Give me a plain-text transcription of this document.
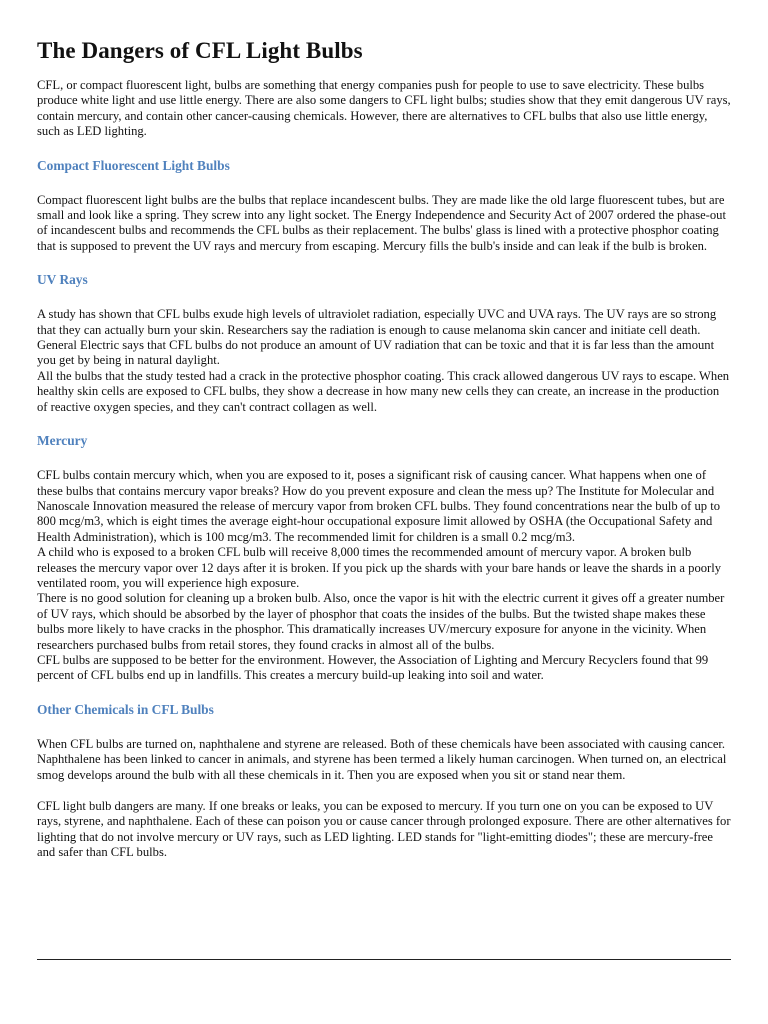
The Dangers of CFL Light Bulbs

CFL, or compact fluorescent light, bulbs are something that energy companies push for people to use to save electricity. These bulbs produce white light and use little energy. There are also some dangers to CFL light bulbs; studies show that they emit dangerous UV rays, contain mercury, and contain other cancer-causing chemicals. However, there are alternatives to CFL bulbs that also use little energy, such as LED lighting.

Compact Fluorescent Light Bulbs

Compact fluorescent light bulbs are the bulbs that replace incandescent bulbs. They are made like the old large fluorescent tubes, but are small and look like a spring. They screw into any light socket. The Energy Independence and Security Act of 2007 ordered the phase-out of incandescent bulbs and recommends the CFL bulbs as their replacement. The bulbs' glass is lined with a protective phosphor coating that is supposed to prevent the UV rays and mercury from escaping. Mercury fills the bulb's inside and can leak if the bulb is broken.

UV Rays

A study has shown that CFL bulbs exude high levels of ultraviolet radiation, especially UVC and UVA rays. The UV rays are so strong that they can actually burn your skin. Researchers say the radiation is enough to cause melanoma skin cancer and initiate cell death. General Electric says that CFL bulbs do not produce an amount of UV radiation that can be toxic and that it is far less than the amount you get by being in natural daylight.

All the bulbs that the study tested had a crack in the protective phosphor coating. This crack allowed dangerous UV rays to escape. When healthy skin cells are exposed to CFL bulbs, they show a decrease in how many new cells they can create, an increase in the production of reactive oxygen species, and they can't contract collagen as well.

Mercury

CFL bulbs contain mercury which, when you are exposed to it, poses a significant risk of causing cancer. What happens when one of these bulbs that contains mercury vapor breaks? How do you prevent exposure and clean the mess up? The Institute for Molecular and Nanoscale Innovation measured the release of mercury vapor from broken CFL bulbs. They found concentrations near the bulb of up to 800 mcg/m3, which is eight times the average eight-hour occupational exposure limit allowed by OSHA (the Occupational Safety and Health Administration), which is 100 mcg/m3. The recommended limit for children is a small 0.2 mcg/m3.

A child who is exposed to a broken CFL bulb will receive 8,000 times the recommended amount of mercury vapor. A broken bulb releases the mercury vapor over 12 days after it is broken. If you pick up the shards with your bare hands or leave the shards in a poorly ventilated room, you will experience high exposure.

There is no good solution for cleaning up a broken bulb. Also, once the vapor is hit with the electric current it gives off a greater number of UV rays, which should be absorbed by the layer of phosphor that coats the insides of the bulbs. But the twisted shape makes these bulbs more likely to have cracks in the phosphor. This dramatically increases UV/mercury exposure for anyone in the vicinity. When researchers purchased bulbs from retail stores, they found cracks in almost all of the bulbs.

CFL bulbs are supposed to be better for the environment. However, the Association of Lighting and Mercury Recyclers found that 99 percent of CFL bulbs end up in landfills. This creates a mercury build-up leaking into soil and water.

Other Chemicals in CFL Bulbs

When CFL bulbs are turned on, naphthalene and styrene are released. Both of these chemicals have been associated with causing cancer. Naphthalene has been linked to cancer in animals, and styrene has been termed a likely human carcinogen. When turned on, an electrical smog develops around the bulb with all these chemicals in it. Then you are exposed when you sit or stand near them.

CFL light bulb dangers are many. If one breaks or leaks, you can be exposed to mercury. If you turn one on you can be exposed to UV rays, styrene, and naphthalene. Each of these can poison you or cause cancer through prolonged exposure. There are other alternatives for lighting that do not involve mercury or UV rays, such as LED lighting. LED stands for "light-emitting diodes"; these are mercury-free and safer than CFL bulbs.
